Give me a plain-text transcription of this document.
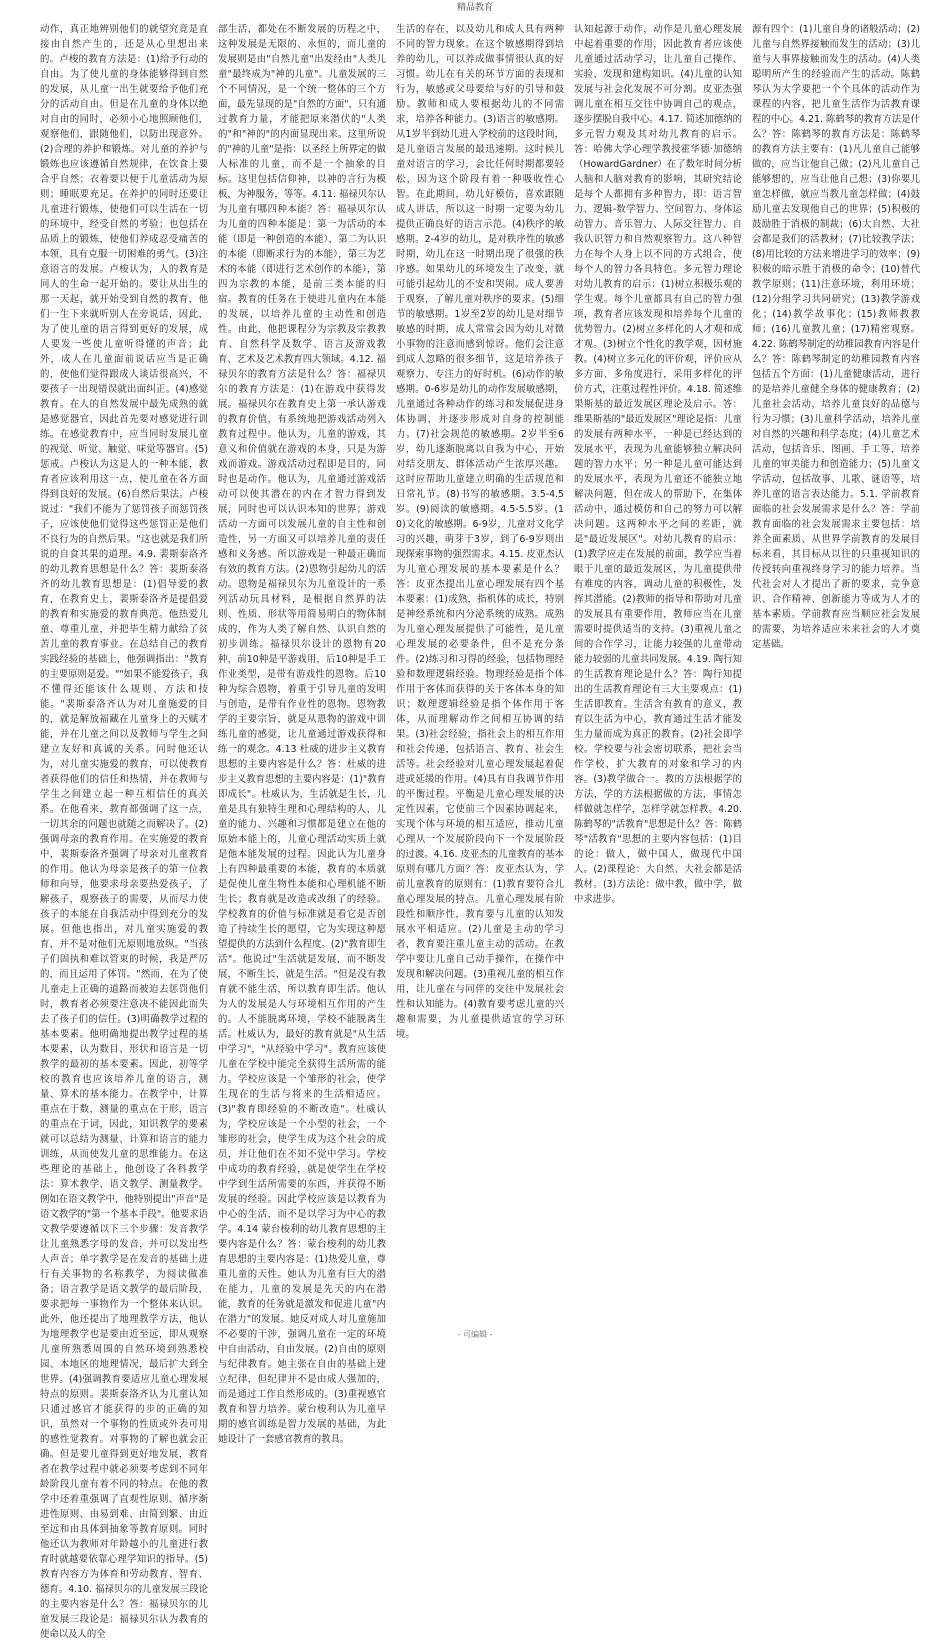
精品教育

动作，真正地辨别他们的就望究竟是直接由自然产生的，还是从心里想出来的。卢梭的教育方法是：(1)给予行动的自由。为了使儿童的身体能够得到自然的发展，从儿童一出生就要给予他们充分的活动自由。但是在儿童的身体以绝对自由的同时，必须小心地照顾他们，观察他们，跟随他们，以防出现意外。(2)合理的养护和锻炼。对儿童的养护与锻炼也应该遵循自然规律，在饮食上要合乎自然；衣着要以便于儿童活动为原则；睡眠要充足。在养护的同时还要让儿童进行锻炼，使他们可以生活在一切的环境中，经受自然的考验；也包括在品质上的锻炼，使他们养成忍受痛苦的本领，具有克服一切困难的勇气。(3)注意语言的发展。卢梭认为，人的教育是同人的生命一起开始的。要让从出生的那一天起，就开始受到自然的教育，他们一生下来就听别人在旁说话，因此，为了使儿童的语言得到更好的发展，成人要发一些使儿童听得懂的声音；此外，成人在儿童面前说话应当是正确的，使他们觉得跟成人谈话很高兴，不要孩子一出现错误就出面纠正。(4)感觉教育。在人的自然发展中最先成熟的就是感觉器官，因此首先要对感觉进行训练。在感觉教育中，应当同时发展儿童的视觉、听觉、触觉、味觉等器官。(5)惩戒。卢梭认为这是人的一种本能，教育者应该利用这一点，使儿童在各方面得到良好的发展。(6)自然后果法。卢梭说过："我们不能为了惩罚孩子而惩罚孩子，应该使他们觉得这些惩罚正是他们不良行为的自然后果。"这也就是我们所说的自食其果的道理。4.9. 裴斯泰洛齐的幼儿教育思想是什么？答：裴斯泰洛齐的幼儿教育思想是：(1)倡导爱的教育，在教育史上，裴斯泰洛齐是提倡爱的教育和实施爱的教育典范。他热爱儿童、尊重儿童，并把毕生精力献给了贫苦儿童的教育事业。在总结自己的教育实践经验的基础上，他强调指出："教育的主要原则是爱。""如果不能爱孩子，我不懂得还能该什么规则、方法和技能。"裴斯泰洛齐认为对儿童施爱的目的，就是解放福藏在儿童身上的天赋才能，并在儿童之间以及教师与学生之间建立友好和真诚的关系。同时他还认为，对儿童实施爱的教育，可以使教育者获得他们的信任和热情，并在教师与学生之间建立起一种互相信任的真关系。在他看来，教育都强调了这一点，一切其余的问题也就随之而解决了。(2)强调母亲的教育作用。在实施爱的教育中，裴斯泰洛齐强调了母亲对儿童教育的作用。他认为母亲是孩子的第一位教师和向导，他要求母亲要热爱孩子，了解孩子，观察孩子的需要，从而尽力使孩子的本能在自我活动中得到充分的发展。但他也指出，对儿童实施爱的教育，并不是对他们无原则地放纵。"当孩子们固执和难以管束的时候，我是严厉的，而且运用了体罚。"然而，在为了使儿童走上正确的道路而被迫去惩罚他们时，教育者必须要注意决不能因此而失去了孩子们的信任。(3)明确教学过程的基本要素。他明确地提出教学过程的基本要素，认为数目、形状和语言是一切教学的最初的基本要素。因此，初等学校的教育也应该培养儿童的语言，测量、算术的基本能力。在教学中，计算重点在于数，测量的重点在于形，语言的重点在于词，因此，知识教学的要素就可以总结为测量、计算和语言的能力训练，从而使发儿童的思维能力。在这些理论的基础上，他创设了各科教学法：算术教学、语文教学、测量教学。例如在语文教学中，他特别提出"声音"是语文教学的"第一个基本手段"。他要求语文教学要遵循以下三个步骤：发音教学让儿童熟悉字母的发音，并可以发出些人声音；单字教学是在发音的基础上进行有关事物的名称教学，为阅读做准备；语言教学是语文教学的最后阶段，要求把每一事物作为一个整体来认识。此外，他还提出了地理教学方法，他认为地理教学也是要由近至远，即从观察儿童所熟悉周围的自然环境到熟悉校园、本地区的地理情况，最后扩大到全世界。(4)强调教育要适应儿童心理发展特点的原则。裴斯泰洛齐认为儿童认知只通过感官才能获得的步的正确的知识，虽然对一个事物的性质或外表可用的感性觉教育。对事物的了解也就会正确。但是要儿童得到更好地发展，教育者在教学过程中就必须要考虑到不同年龄阶段儿童有着不同的特点。在他的教学中还着重强调了直观性原则、循序渐进性原则、由易到难、由简到繁、由近至远和由具体到抽象等教育原则。同时他还认为教师对年龄越小的儿童进行教育时就越要依靠心理学知识的指导。(5)教育内容方为体育和劳动教育、智育、德育。4.10. 福禄贝尔的儿童发展三段论的主要内容是什么？答：福禄贝尔的儿童发展三段论是：福禄贝尔认为教育的使命以及人的全

部生活，都处在不断发展的历程之中，这种发展是无限的、永恒的，而儿童的发展则是由"自然儿童"出发经由"人类儿童"最终成为"神的儿童"。儿童发展的三个不同情况，是一个统一整体的三个方面，最先显现的是"自然的方面"，只有通过教育力量，才能把原来潜伏的"人类的"和"神的"的内面显现出来。这里所说的"神的儿童"是指：以圣经上所界定的做人标准的儿童，而不是一个抽象的目标。这里包括信仰神，以神的言行为模板，为神服务，等等。4.11. 福禄贝尔认为儿童有哪四种本能？答：福禄贝尔认为儿童的四种本能是：第一为活动的本能（即是一种创造的本能），第二为认识的本能（即断求行为的本能），第三为艺术的本能（即进行艺术创作的本能），第四为宗教的本能，是前三类本能的归宿。教育的任务在于使进儿童内在本能的发展，以培养儿童的主动性和创造性。由此，他把课程分为宗教及宗教教育、自然科学及数学、语言及游戏教育、艺术及艺术教育四大领域。4.12. 福禄贝尔的教育方法是什么？答：福禄贝尔的教育方法是：(1)在游戏中获得发展。福禄贝尔在教育史上第一承认游戏的教育价值，有系统地把游戏活动列入教育过程中。他认为，儿童的游戏，其意义和价值就在游戏的本身，只是为游戏而游戏。游戏活动过程即是目的，同时也是动作。他认为，儿童通过游戏活动可以使其潜在的内在才智力得到发展，同时也可以认识本知的世界；游戏活动一方面可以发展儿童的自主性和创造性，另一方面又可以培养儿童的责任感和义务感。所以游戏是一种最正确而有效的教育方法。(2)恩物引起幼儿的活动。恩物是福禄贝尔为儿童设计的一系列活动玩具材料，是根据自然界的法则、性质、形状等用简易明白的物体制成的，作为人类了解自然、认识自然的初步训练。福禄贝尔设计的恩物有20种，前10种是平游戏用，后10种是手工作业类型，是带有游戏性的恩物。后10种为综合恩物，着重于引导儿童的发明与创造，是带有作业性的恩物。恩物教学的主要宗旨，就是从恩物的游戏中训练儿童的感觉，让儿童通过游戏获得和练一的观念。4.13 杜威的进步主义教育思想的主要内容是什么？答：杜威的进步主义教育思想的主要内容是：(1)"教育即成长"。杜威认为，生活就是生长，儿童是具有独特生理和心理结构的人，儿童的能力、兴趣和习惯都是建立在他的原始本能上的，儿童心理活动实质上就是他本能发展的过程。因此认为儿童身上有四种最重要的本能，教育的本质就是促使儿童生物性本能和心理机能不断生长；教育就是改造或改组了的经验。学校教育的价值与标准就是看它是否创造了持续生长的愿望，它为实现这种愿望提供的方法到什么程度。(2)"教育即生活"。他说过"生活就是发展，而不断发展，不断生长，就是生活。"但是没有教育就不能生活，所以教育即生活。他认为人的发展是人与环境相互作用的产生的。人不能脱离环境，学校不能脱离生活。杜威认为，最好的教育就是"从生活中学习"，"从经验中学习"。教育应该使儿童在学校中能完全获得生活所需的能力。学校应该是一个雏形的社会，使学生现在的生活与将来的生活相适应。(3)"教育即经验的不断改造"。杜威认为，学校应该是一个小型的社会，一个雏形的社会，使学生成为这个社会的成员，并让他们在不知不觉中学习。学校中成功的教育经验，就是使学生在学校中学到生活所需要的东西，并获得不断发展的经验。因此学校应该是以教育为中心的生活，而不是以学习为中心的教学。4.14 蒙台梭利的幼儿教育思想的主要内容是什么？答：蒙台梭利的幼儿教育思想的主要内容是：(1)热爱儿童，尊重儿童的天性。她认为儿童有巨大的潜在能力，儿童的发展是先天的内在潜能，教育的任务就是激发和促进儿童"内在潜力"的发展。她反对成人对儿童施加不必要的干涉，强调儿童在一定的环境中自由活动，自由发展。(2)自由的原则与纪律教育。她主张在自由的基础上建立纪律，但纪律并不是由成人强加的，而是通过工作自然形成的。(3)重视感官教育和智力培养。蒙台梭利认为儿童早期的感官训练是智力发展的基础，为此她设计了一套感官教育的教具。

生活的存在，以及幼儿和成人具有两种不同的智力现象。在这个敏感期得到培养的幼儿，可以养成做事情很认真的好习惯。幼儿在有关的环节方面的表现和行为，敏感或父母要给与好的引导和鼓励。教师和成人要根据幼儿的不同需求，培养各种能力。(3)语言的敏感期。从1岁半到幼儿进入学校前的这段时间，是儿童语言发展的最迅速期。这时候儿童对语言的学习，会比任何时期都要轻松，因为这个阶段有着一种吸收性心智。在此期间，幼儿好模仿，喜欢跟随成人讲话，所以这一时期一定要为幼儿提供正确良好的语言示范。(4)秩序的敏感期。2-4岁的幼儿，是对秩序性的敏感时期，幼儿在这一时期出现了很强的秩序感。如果幼儿的环境发生了改变，就可能引起幼儿的不安和哭闹。成人要善于观察，了解儿童对秩序的要求。(5)细节的敏感期。1岁至2岁的幼儿是对细节敏感的时期，成人常常会因为幼儿对微小事物的注意而感到惊讶。他们会注意到成人忽略的很多细节，这是培养孩子观察力、专注力的好时机。(6)动作的敏感期。0-6岁是幼儿的动作发展敏感期，儿童通过各种动作的练习和发展促进身体协调，并逐步形成对自身的控制能力。(7)社会规范的敏感期。2岁半至6岁，幼儿逐渐脱离以自我为中心，开始对结交朋友、群体活动产生浓厚兴趣。这时应帮助儿童建立明确的生活规范和日常礼节。(8)书写的敏感期。3.5-4.5岁。(9)阅读的敏感期。4.5-5.5岁。(10)文化的敏感期。6-9岁，儿童对文化学习的兴趣，萌芽于3岁，到了6-9岁则出现探索事物的强烈需求。4.15. 皮亚杰认为儿童心理发展的基本要素是什么？答：皮亚杰提出儿童心理发展有四个基本要素：(1)成熟，指机体的成长，特别是神经系统和内分泌系统的成熟。成熟为儿童心理发展提供了可能性，是儿童心理发展的必要条件，但不是充分条件。(2)练习和习得的经验，包括物理经验和数理逻辑经验。物理经验是指个体作用于客体而获得的关于客体本身的知识；数理逻辑经验是指个体作用于客体，从而理解动作之间相互协调的结果。(3)社会经验，指社会上的相互作用和社会传递，包括语言、教育、社会生活等。社会经验对儿童心理发展起着促进或延缓的作用。(4)具有自我调节作用的平衡过程。平衡是儿童心理发展的决定性因素，它使前三个因素协调起来，实现个体与环境的相互适应，推动儿童心理从一个发展阶段向下一个发展阶段的过渡。4.16. 皮亚杰的儿童教育的基本原则有哪几方面？答：皮亚杰认为，学前儿童教育的原则有：(1)教育要符合儿童心理发展的特点。儿童心理发展有阶段性和顺序性，教育要与儿童的认知发展水平相适应。(2)儿童是主动的学习者，教育要注重儿童主动的活动。在教学中要让儿童自己动手操作，在操作中发现和解决问题。(3)重视儿童的相互作用，让儿童在与同伴的交往中发展社会性和认知能力。(4)教育要考虑儿童的兴趣和需要，为儿童提供适宜的学习环境。

认知起源于动作，动作是儿童心理发展中起着重要的作用，因此教育者应该使儿童通过活动学习，让儿童自己操作、实验、发现和建构知识。(4)儿童的认知发展与社会化发展不可分割。皮亚杰强调儿童在相互交往中协调自己的观点，逐步摆脱自我中心。4.17. 简述加德纳的多元智力观及其对幼儿教育的启示。答：哈佛大学心理学教授霍华德·加德纳（HowardGardner）在了数年时间分析人脑和人脑对教育的影响，其研究结论是每个人都拥有多种智力，即：语言智力、逻辑-数学智力、空间智力、身体运动智力、音乐智力、人际交往智力、自我认识智力和自然观察智力。这八种智力在每个人身上以不同的方式组合，使每个人的智力各具特色。多元智力理论对幼儿教育的启示：(1)树立积极乐观的学生观。每个儿童都具有自己的智力强项，教育者应该发现和培养每个儿童的优势智力。(2)树立多样化的人才观和成才观。(3)树立个性化的教学观，因材施教。(4)树立多元化的评价观，评价应从多方面、多角度进行，采用多样化的评价方式，注重过程性评价。4.18. 简述维果斯基的最近发展区理论及启示。答：维果斯基的"最近发展区"理论是指：儿童的发展有两种水平，一种是已经达到的发展水平，表现为儿童能够独立解决问题的智力水平；另一种是儿童可能达到的发展水平，表现为儿童还不能独立地解决问题，但在成人的帮助下，在集体活动中，通过模仿和自己的努力可以解决问题。这两种水平之间的差距，就是"最近发展区"。对幼儿教育的启示：(1)教学应走在发展的前面，教学应当着眼于儿童的最近发展区，为儿童提供带有难度的内容，调动儿童的积极性，发挥其潜能。(2)教师的指导和帮助对儿童的发展具有重要作用，教师应当在儿童需要时提供适当的支持。(3)重视儿童之间的合作学习，让能力较强的儿童带动能力较弱的儿童共同发展。4.19. 陶行知的生活教育理论是什么？答：陶行知提出的生活教育理论有三大主要观点：(1)生活即教育。生活含有教育的意义，教育以生活为中心，教育通过生活才能发生力量而成为真正的教育。(2)社会即学校。学校要与社会密切联系，把社会当作学校，扩大教育的对象和学习的内容。(3)教学做合一。教的方法根据学的方法，学的方法根据做的方法，事情怎样做就怎样学，怎样学就怎样教。4.20. 陈鹤琴的"活教育"思想是什么？答：陈鹤琴"活教育"思想的主要内容包括：(1)目的论：做人，做中国人，做现代中国人。(2)课程论：大自然、大社会都是活教材。(3)方法论：做中教，做中学，做中求进步。

源有四个：(1)儿童自身的诸般活动；(2)儿童与自然界接触而发生的活动；(3)儿童与人事界接触而发生的活动。(4)人类聪明所产生的经验而产生的活动。陈鹤琴认为大学要把一个个具体的活动作为课程的内容，把儿童生活作为活教育课程的中心。4.21. 陈鹤琴的教育方法是什么？答：陈鹤琴的教育方法是：陈鹤琴的教育方法主要有：(1)凡儿童自己能够做的，应当让他自己做；(2)凡儿童自己能够想的，应当让他自己想；(3)你要儿童怎样做，就应当教儿童怎样做；(4)鼓励儿童去发现他自己的世界；(5)积极的鼓励胜于消极的制裁；(6)大自然、大社会都是我们的活教材；(7)比较教学法；(8)用比较的方法来增进学习的效率；(9)积极的暗示胜于消极的命令；(10)替代教学原则；(11)注意环境，利用环境；(12)分组学习共同研究；(13)教学游戏化；(14)教学故事化；(15)教师教教师；(16)儿童教儿童；(17)精密观察。4.22. 陈鹤琴制定的幼稚园教育内容是什么？答：陈鹤琴制定的幼稚园教育内容包括五个方面：(1)儿童健康活动，进行的是培养儿童健全身体的健康教育；(2)儿童社会活动，培养儿童良好的品德与行为习惯；(3)儿童科学活动，培养儿童对自然的兴趣和科学态度；(4)儿童艺术活动，包括音乐、图画、手工等，培养儿童的审美能力和创造能力；(5)儿童文学活动，包括故事、儿歌、谜语等，培养儿童的语言表达能力。5.1. 学前教育面临的社会发展需求是什么？答：学前教育面临的社会发展需求主要包括：培养全面素质、从世界学前教育的发展目标来看，其目标从以往的只重视知识的传授转向重视终身学习的能力培养。当代社会对人才提出了新的要求，竞争意识、合作精神、创新能力等成为人才的基本素质。学前教育应当顺应社会发展的需要，为培养适应未来社会的人才奠定基础。

- 可编辑 -
